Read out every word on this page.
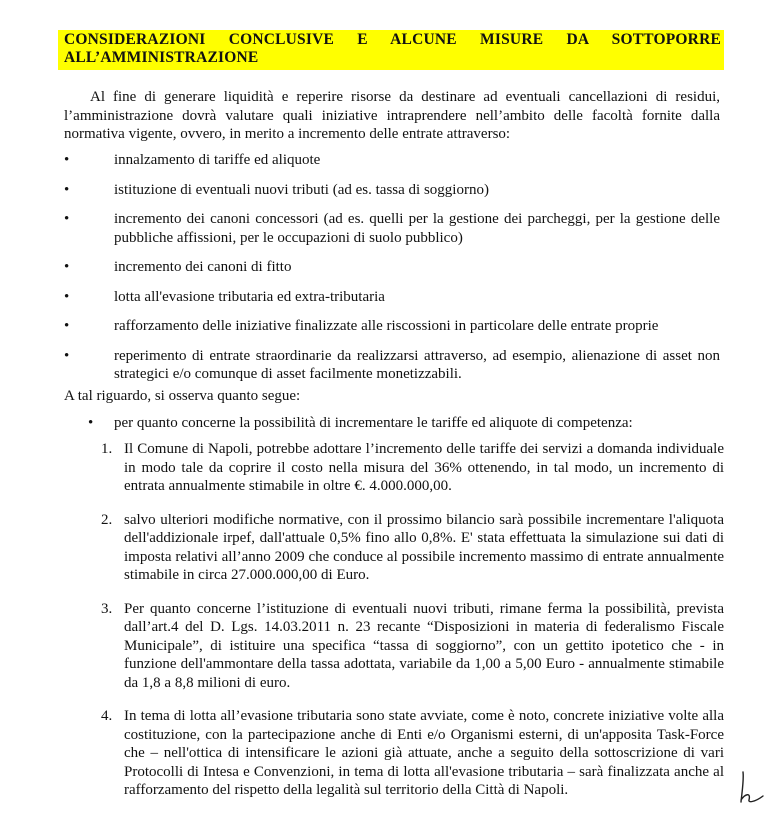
CONSIDERAZIONI CONCLUSIVE E ALCUNE MISURE DA SOTTOPORRE ALL’AMMINISTRAZIONE
Al fine di generare liquidità e reperire risorse da destinare ad eventuali cancellazioni di residui, l’amministrazione dovrà valutare quali iniziative intraprendere nell’ambito delle facoltà fornite dalla normativa vigente, ovvero, in merito a incremento delle entrate attraverso:
•	innalzamento di tariffe ed aliquote
•	istituzione di eventuali nuovi tributi (ad es. tassa di soggiorno)
•	incremento dei canoni concessori (ad es. quelli per la gestione dei parcheggi, per la gestione delle pubbliche affissioni, per le occupazioni di suolo pubblico)
•	incremento dei canoni di fitto
•	lotta all'evasione tributaria ed extra-tributaria
•	rafforzamento delle iniziative finalizzate alle riscossioni in particolare delle entrate proprie
•	reperimento di entrate straordinarie da realizzarsi attraverso, ad esempio, alienazione di asset non strategici e/o comunque di asset facilmente monetizzabili.
A tal riguardo, si osserva quanto segue:
• per quanto concerne la possibilità di incrementare le tariffe ed aliquote di competenza:
1. Il Comune di Napoli, potrebbe adottare l’incremento delle tariffe dei servizi a domanda individuale in modo tale da coprire il costo nella misura del 36% ottenendo, in tal modo, un incremento di entrata annualmente stimabile in oltre €. 4.000.000,00.
2. salvo ulteriori modifiche normative, con il prossimo bilancio sarà possibile incrementare l'aliquota dell'addizionale irpef, dall'attuale 0,5% fino allo 0,8%. E' stata effettuata la simulazione sui dati di imposta relativi all’anno 2009 che conduce al possibile incremento massimo di entrate annualmente stimabile in circa 27.000.000,00 di Euro.
3. Per quanto concerne l’istituzione di eventuali nuovi tributi, rimane ferma la possibilità, prevista dall’art.4 del D. Lgs. 14.03.2011 n. 23 recante “Disposizioni in materia di federalismo Fiscale Municipale”, di istituire una specifica “tassa di soggiorno”, con un gettito ipotetico che - in funzione dell'ammontare della tassa adottata, variabile da 1,00 a 5,00 Euro - annualmente stimabile da 1,8 a 8,8 milioni di euro.
4. In tema di lotta all’evasione tributaria sono state avviate, come è noto, concrete iniziative volte alla costituzione, con la partecipazione anche di Enti e/o Organismi esterni, di un'apposita Task-Force che – nell'ottica di intensificare le azioni già attuate, anche a seguito della sottoscrizione di vari Protocolli di Intesa e Convenzioni, in tema di lotta all'evasione tributaria – sarà finalizzata anche al rafforzamento del rispetto della legalità sul territorio della Città di Napoli.
